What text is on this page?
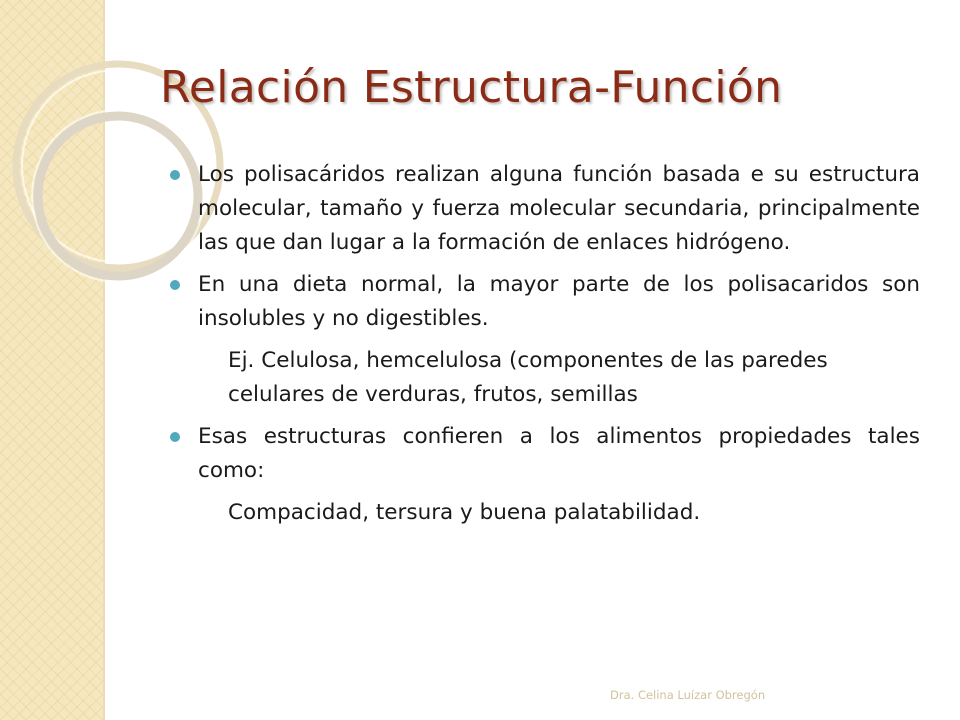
Relación Estructura-Función
Los polisacáridos realizan alguna función basada e su estructura molecular, tamaño y fuerza molecular secundaria, principalmente las que dan lugar a la formación de enlaces hidrógeno.
En una dieta normal, la mayor parte de los polisacaridos son insolubles y no digestibles.
Ej. Celulosa, hemcelulosa (componentes de las paredes celulares de verduras, frutos, semillas
Esas estructuras confieren a los alimentos propiedades tales como:
Compacidad, tersura y buena palatabilidad.
Dra. Celina Luízar Obregón
